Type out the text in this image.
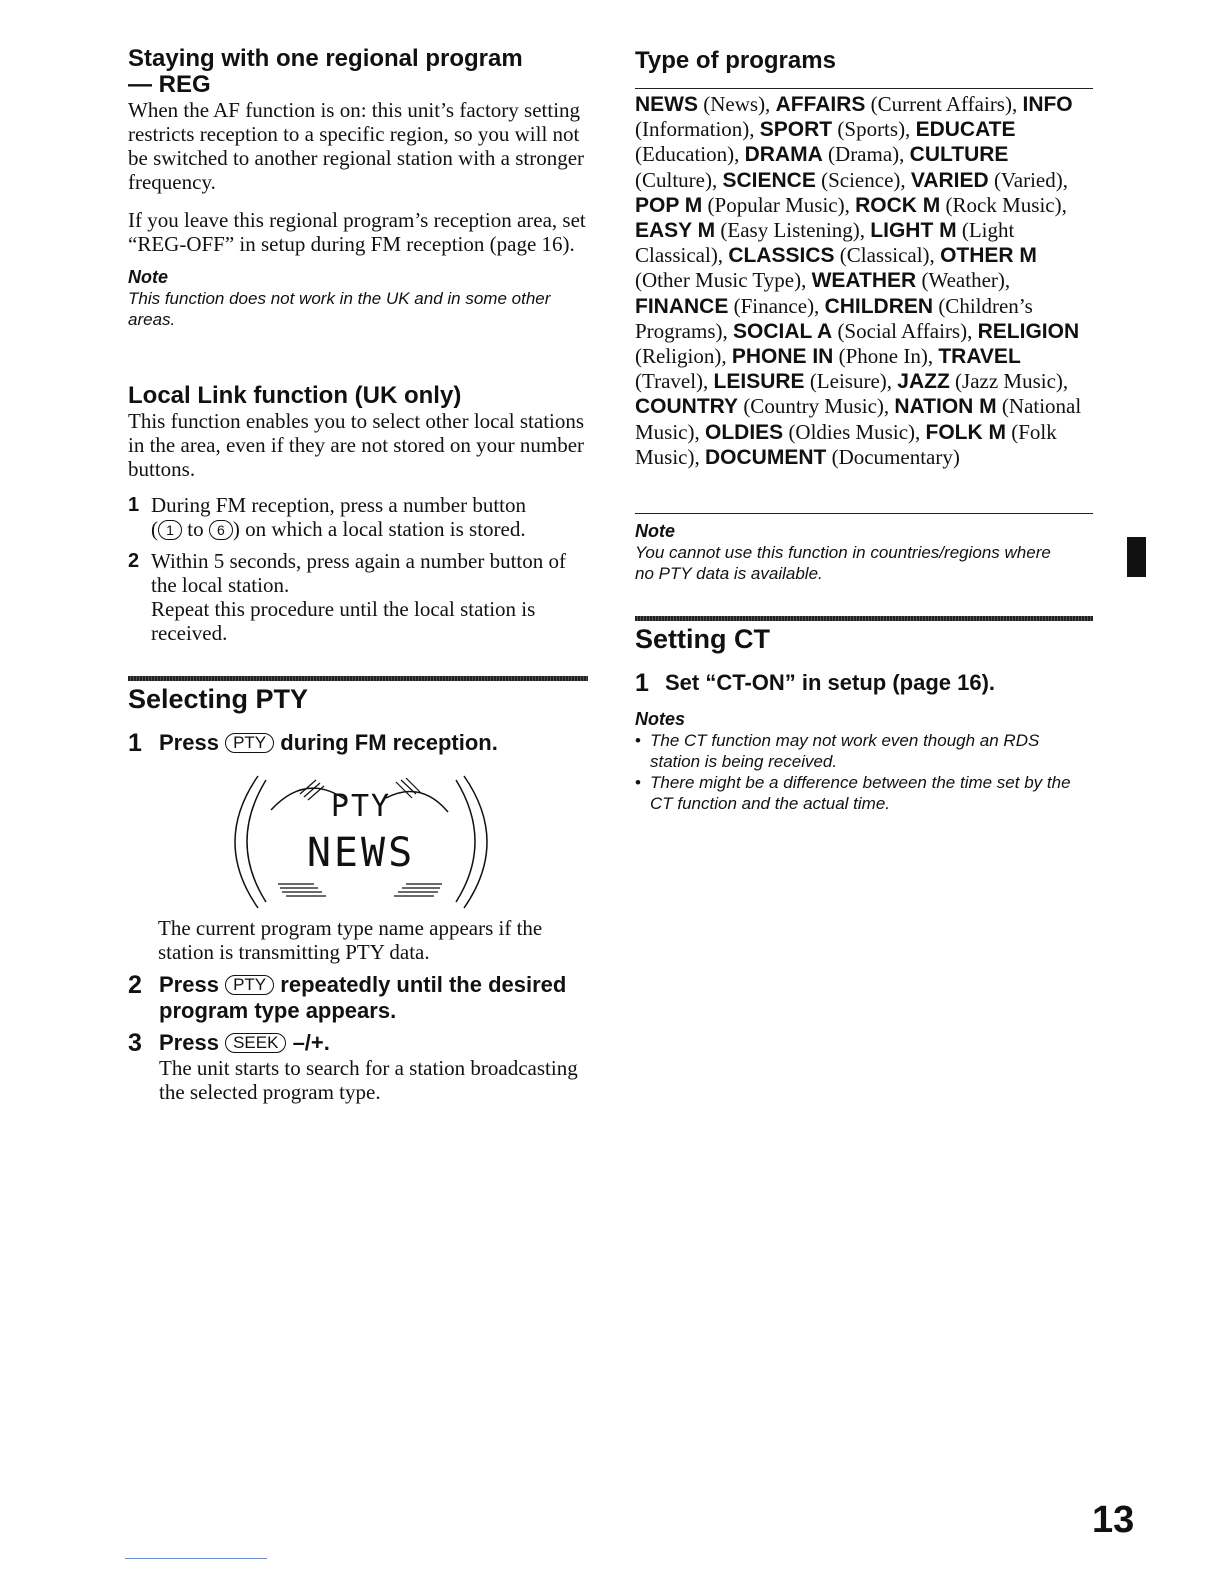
Staying with one regional program

— REG

When the AF function is on: this unit’s factory setting restricts reception to a specific region, so you will not be switched to another regional station with a stronger frequency.

If you leave this regional program’s reception area, set “REG-OFF” in setup during FM reception (page 16).

Note

This function does not work in the UK and in some other areas.

Local Link function (UK only)

This function enables you to select other local stations in the area, even if they are not stored on your number buttons.

1 During FM reception, press a number button
( 1 to 6 ) on which a local station is stored.
2 Within 5 seconds, press again a number button of the local station.
Repeat this procedure until the local station is received.

Selecting PTY

1 Press PTY during FM reception.
PTY
NEWS

The current program type name appears if the station is transmitting PTY data.

2 Press PTY repeatedly until the desired program type appears.
3 Press SEEK –/+.

The unit starts to search for a station broadcasting the selected program type.

Type of programs

NEWS (News), AFFAIRS (Current Affairs), INFO (Information), SPORT (Sports), EDUCATE (Education), DRAMA (Drama), CULTURE (Culture), SCIENCE (Science), VARIED (Varied), POP M (Popular Music), ROCK M (Rock Music), EASY M (Easy Listening), LIGHT M (Light Classical), CLASSICS (Classical), OTHER M (Other Music Type), WEATHER (Weather), FINANCE (Finance), CHILDREN (Children’s Programs), SOCIAL A (Social Affairs), RELIGION (Religion), PHONE IN (Phone In), TRAVEL (Travel), LEISURE (Leisure), JAZZ (Jazz Music), COUNTRY (Country Music), NATION M (National Music), OLDIES (Oldies Music), FOLK M (Folk Music), DOCUMENT (Documentary)

Note

You cannot use this function in countries/regions where no PTY data is available.

Setting CT

1 Set “CT-ON” in setup (page 16).

Notes

• The CT function may not work even though an RDS station is being received.
• There might be a difference between the time set by the CT function and the actual time.
13
